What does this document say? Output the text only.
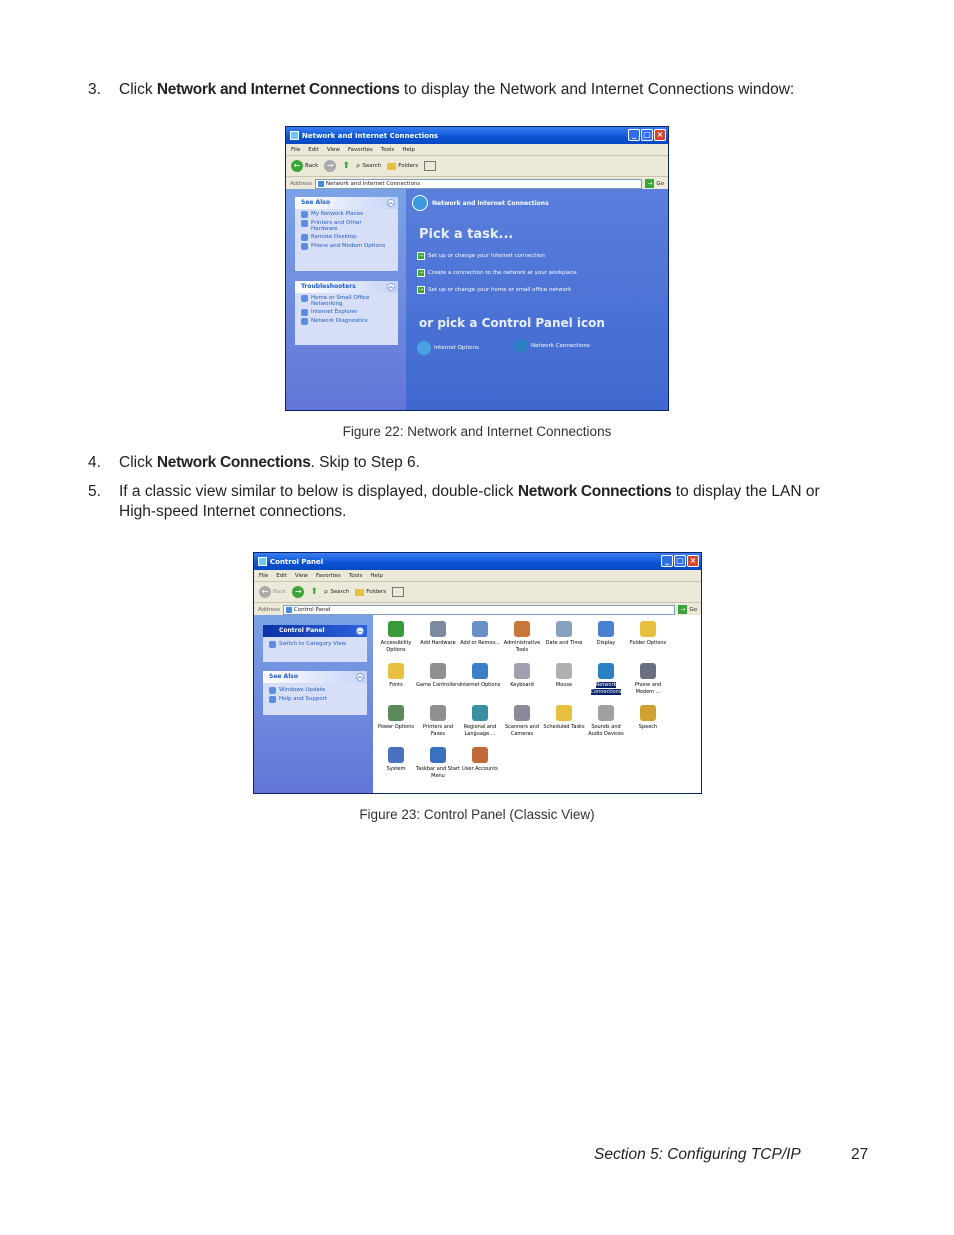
3. Click Network and Internet Connections to display the Network and Internet Connections window:
Network and Internet Connections	_ □ ×
File Edit View Favorites Tools Help
← Back	→ ⬆ ⌕ Search	Folders
Address	Network and Internet Connections	→ Go
See Also	︽
My Network Places
Printers and Other Hardware
Remote Desktop
Phone and Modem Options
Troubleshooters	︽
Home or Small Office Networking
Internet Explorer
Network Diagnostics
Network and Internet Connections
Pick a task...
→ Set up or change your Internet connection
→ Create a connection to the network at your workplace
→ Set up or change your home or small office network
or pick a Control Panel icon
Internet Options	Network Connections
Figure 22: Network and Internet Connections
4. Click Network Connections. Skip to Step 6.
5. If a classic view similar to below is displayed, double-click Network Connections to display the LAN or High-speed Internet connections.
Control Panel	_ □ ×
File Edit View Favorites Tools Help
← Back	→ ⬆ ⌕ Search	Folders
Address	Control Panel	→ Go
Control Panel	︽
Switch to Category View
See Also	︽
Windows Update
Help and Support
Accessibility Options
Add Hardware Add or Remov... Administrative Tools
Date and Time	Display	Folder Options
Fonts	Game Controllers Internet Options	Keyboard	Mouse	Network Connections
Phone and Modem ...
Power Options	Printers and Faxes
Regional and Language ...
Scanners and Cameras
Scheduled Tasks	Sounds and Audio Devices
Speech
System	Taskbar and Start Menu
User Accounts
Figure 23: Control Panel (Classic View)
Section 5: Configuring TCP/IP	27
